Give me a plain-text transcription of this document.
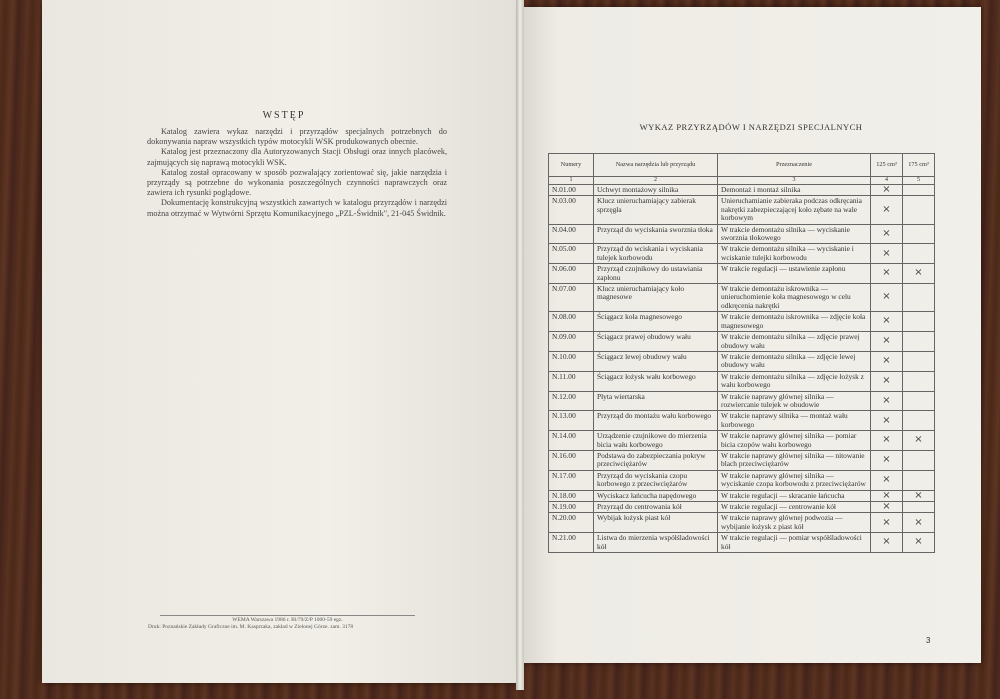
WSTĘP

Katalog zawiera wykaz narzędzi i przyrządów specjalnych potrzebnych do dokonywania napraw wszystkich typów motocykli WSK produkowanych obecnie.

Katalog jest przeznaczony dla Autoryzowanych Stacji Obsługi oraz innych placówek, zajmujących się naprawą motocykli WSK.

Katalog został opracowany w sposób pozwalający zorientować się, jakie narzędzia i przyrządy są potrzebne do wykonania poszczególnych czynności naprawczych oraz zawiera ich rysunki poglądowe.

Dokumentację konstrukcyjną wszystkich zawartych w katalogu przyrządów i narzędzi można otrzymać w Wytwórni Sprzętu Komunikacyjnego „PZL-Świdnik", 21-045 Świdnik.

WEMA Warszawa 1986 r. Bl/79/Z/P 1000-59 egz.
Druk: Poznańskie Zakłady Graficzne im. M. Kasprzaka, zakład w Zielonej Górze. zam. 3178
WYKAZ PRZYRZĄDÓW I NARZĘDZI SPECJALNYCH
Numery	Nazwa narzędzia lub przyrządu	Przeznaczenie	125 cm³	175 cm³
1	2	3	4	5
N.01.00	Uchwyt montażowy silnika	Demontaż i montaż silnika	×	
N.03.00	Klucz unieruchamiający zabierak sprzęgła	Unieruchamianie zabieraka podczas odkręcania nakrętki zabezpieczającej koło zębate na wale korbowym	×	
N.04.00	Przyrząd do wyciskania sworznia tłoka	W trakcie demontażu silnika — wyciskanie sworznia tłokowego	×	
N.05.00	Przyrząd do wciskania i wyciskania tulejek korbowodu	W trakcie demontażu silnika — wyciskanie i wciskanie tulejki korbowodu	×	
N.06.00	Przyrząd czujnikowy do ustawiania zapłonu	W trakcie regulacji — ustawienie zapłonu	×	×
N.07.00	Klucz unieruchamiający koło magnesowe	W trakcie demontażu iskrownika — unieruchomienie koła magnesowego w celu odkręcenia nakrętki	×	
N.08.00	Ściągacz koła magnesowego	W trakcie demontażu iskrownika — zdjęcie koła magnesowego	×	
N.09.00	Ściągacz prawej obudowy wału	W trakcie demontażu silnika — zdjęcie prawej obudowy wału	×	
N.10.00	Ściągacz lewej obudowy wału	W trakcie demontażu silnika — zdjęcie lewej obudowy wału	×	
N.11.00	Ściągacz łożysk wału korbowego	W trakcie demontażu silnika — zdjęcie łożysk z wału korbowego	×	
N.12.00	Płyta wiertarska	W trakcie naprawy głównej silnika — rozwiercanie tulejek w obudowie	×	
N.13.00	Przyrząd do montażu wału korbowego	W trakcie naprawy silnika — montaż wału korbowego	×	
N.14.00	Urządzenie czujnikowe do mierzenia bicia wału korbowego	W trakcie naprawy głównej silnika — pomiar bicia czopów wału korbowego	×	×
N.16.00	Podstawa do zabezpieczania pokryw przeciwciężarów	W trakcie naprawy głównej silnika — nitowanie blach przeciwciężarów	×	
N.17.00	Przyrząd do wyciskania czopu korbowego z przeciwciężarów	W trakcie naprawy głównej silnika — wyciskanie czopa korbowodu z przeciwciężarów	×	
N.18.00	Wyciskacz łańcucha napędowego	W trakcie regulacji — skracanie łańcucha	×	×
N.19.00	Przyrząd do centrowania kół	W trakcie regulacji — centrowanie kół	×	
N.20.00	Wybijak łożysk piast kół	W trakcie naprawy głównej podwozia — wybijanie łożysk z piast kół	×	×
N.21.00	Listwa do mierzenia współśladowości kół	W trakcie regulacji — pomiar współśladowości kół	×	×
3
